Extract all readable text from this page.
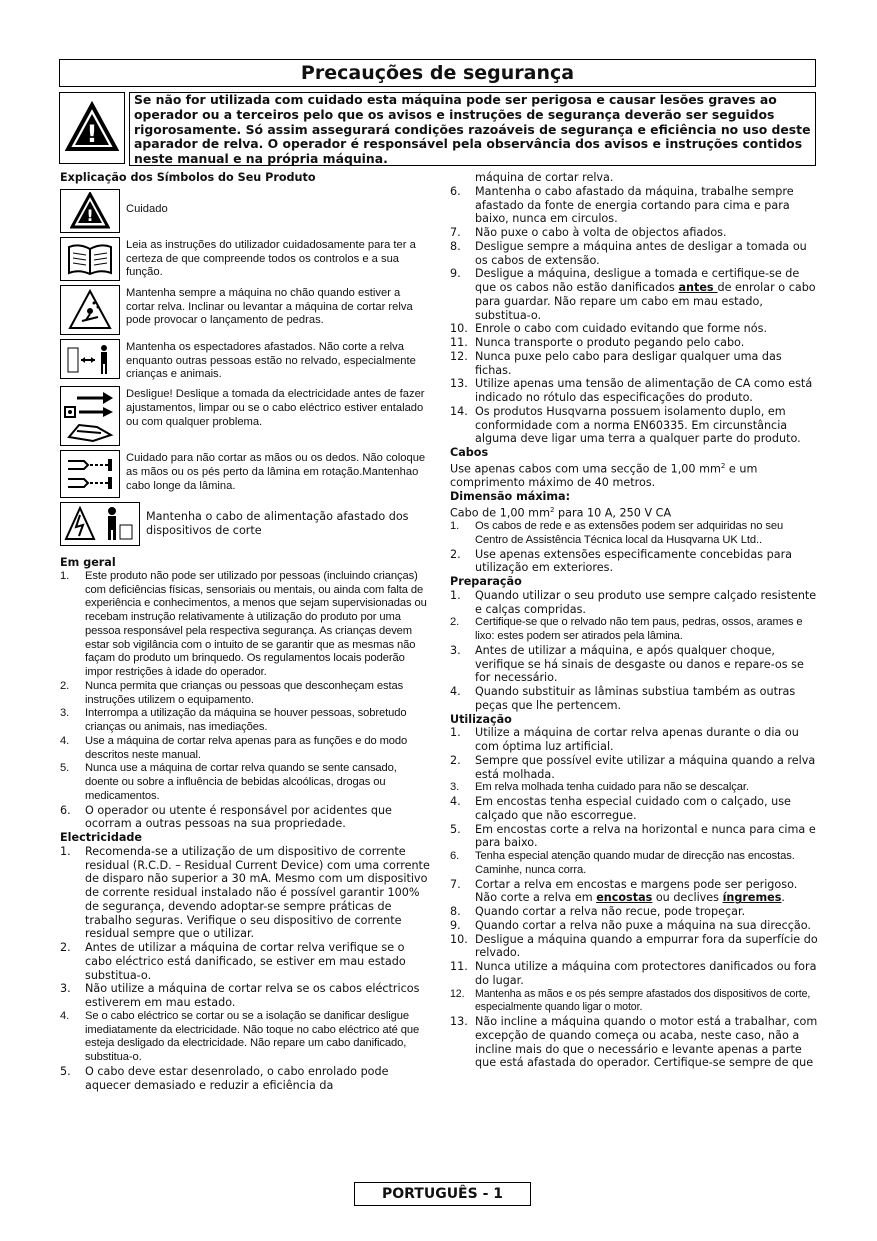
Precauções de segurança
!
Se não for utilizada com cuidado esta máquina pode ser perigosa e causar lesões graves ao operador ou a terceiros pelo que os avisos e instruções de segurança deverão ser seguidos rigorosamente. Só assim assegurará condições razoáveis de segurança e eficiência no uso deste aparador de relva. O operador é responsável pela observância dos avisos e instruções contidos neste manual e na própria máquina.
Explicação dos Símbolos do Seu Produto
!	Cuidado
Leia as instruções do utilizador cuidadosamente para ter a certeza de que compreende todos os controlos e a sua função.
Mantenha sempre a máquina no chão quando estiver a cortar relva. Inclinar ou levantar a máquina de cortar relva pode provocar o lançamento de pedras.
Mantenha os espectadores afastados. Não corte a relva enquanto outras pessoas estão no relvado, especialmente crianças e animais.
Desligue! Deslique a tomada da electricidade antes de fazer ajustamentos, limpar ou se o cabo eléctrico estiver entalado ou com qualquer problema.
Cuidado para não cortar as mãos ou os dedos. Não coloque as mãos ou os pés perto da lâmina em rotação.Mantenhao cabo longe da lâmina.
Mantenha o cabo de alimentação afastado dos dispositivos de corte
Em geral
1. Este produto não pode ser utilizado por pessoas (incluindo crianças) com deficiências físicas, sensoriais ou mentais, ou ainda com falta de experiência e conhecimentos, a menos que sejam supervisionadas ou recebam instrução relativamente à utilização do produto por uma pessoa responsável pela respectiva segurança. As crianças devem estar sob vigilância com o intuito de se garantir que as mesmas não façam do produto um brinquedo. Os regulamentos locais poderão impor restrições à idade do operador.
2. Nunca permita que crianças ou pessoas que desconheçam estas instruções utilizem o equipamento.
3. Interrompa a utilização da máquina se houver pessoas, sobretudo crianças ou animais, nas imediações.
4. Use a máquina de cortar relva apenas para as funções e do modo descritos neste manual.
5. Nunca use a máquina de cortar relva quando se sente cansado, doente ou sobre a influência de bebidas alcoólicas, drogas ou medicamentos.
6. O operador ou utente é responsável por acidentes que ocorram a outras pessoas na sua propriedade.
Electricidade
1. Recomenda-se a utilização de um dispositivo de corrente residual (R.C.D. – Residual Current Device) com uma corrente de disparo não superior a 30 mA. Mesmo com um dispositivo de corrente residual instalado não é possível garantir 100% de segurança, devendo adoptar-se sempre práticas de trabalho seguras. Verifique o seu dispositivo de corrente residual sempre que o utilizar.
2. Antes de utilizar a máquina de cortar relva verifique se o cabo eléctrico está danificado, se estiver em mau estado substitua-o.
3. Não utilize a máquina de cortar relva se os cabos eléctricos estiverem em mau estado.
4. Se o cabo eléctrico se cortar ou se a isolação se danificar desligue imediatamente da electricidade. Não toque no cabo eléctrico até que esteja desligado da electricidade. Não repare um cabo danificado, substitua-o.
5. O cabo deve estar desenrolado, o cabo enrolado pode aquecer demasiado e reduzir a eficiência da
máquina de cortar relva.
6. Mantenha o cabo afastado da máquina, trabalhe sempre afastado da fonte de energia cortando para cima e para baixo, nunca em circulos.
7. Não puxe o cabo à volta de objectos afiados.
8. Desligue sempre a máquina antes de desligar a tomada ou os cabos de extensão.
9. Desligue a máquina, desligue a tomada e certifique-se de que os cabos não estão danificados antes de enrolar o cabo para guardar. Não repare um cabo em mau estado, substitua-o.
10. Enrole o cabo com cuidado evitando que forme nós.
11. Nunca transporte o produto pegando pelo cabo.
12. Nunca puxe pelo cabo para desligar qualquer uma das fichas.
13. Utilize apenas uma tensão de alimentação de CA como está indicado no rótulo das especificações do produto.
14. Os produtos Husqvarna possuem isolamento duplo, em conformidade com a norma EN60335. Em circunstância alguma deve ligar uma terra a qualquer parte do produto.
Cabos
Use apenas cabos com uma secção de 1,00 $mm^2$ e um comprimento máximo de 40 metros.
Dimensão máxima:
Cabo de 1,00 $mm^2$ para 10 A, 250 V CA
1. Os cabos de rede e as extensões podem ser adquiridas no seu Centro de Assistência Técnica local da Husqvarna UK Ltd..
2. Use apenas extensões especificamente concebidas para utilização em exteriores.
Preparação
1. Quando utilizar o seu produto use sempre calçado resistente e calças compridas.
2. Certifique-se que o relvado não tem paus, pedras, ossos, arames e lixo: estes podem ser atirados pela lâmina.
3. Antes de utilizar a máquina, e após qualquer choque, verifique se há sinais de desgaste ou danos e repare-os se for necessário.
4. Quando substituir as lâminas substiua também as outras peças que lhe pertencem.
Utilização
1. Utilize a máquina de cortar relva apenas durante o dia ou com óptima luz artificial.
2. Sempre que possível evite utilizar a máquina quando a relva está molhada.
3. Em relva molhada tenha cuidado para não se descalçar.
4. Em encostas tenha especial cuidado com o calçado, use calçado que não escorregue.
5. Em encostas corte a relva na horizontal e nunca para cima e para baixo.
6. Tenha especial atenção quando mudar de direcção nas encostas. Caminhe, nunca corra.
7. Cortar a relva em encostas e margens pode ser perigoso. Não corte a relva em encostas ou declives íngremes.
8. Quando cortar a relva não recue, pode tropeçar.
9. Quando cortar a relva não puxe a máquina na sua direcção.
10. Desligue a máquina quando a empurrar fora da superfície do relvado.
11. Nunca utilize a máquina com protectores danificados ou fora do lugar.
12. Mantenha as mãos e os pés sempre afastados dos dispositivos de corte, especialmente quando ligar o motor.
13. Não incline a máquina quando o motor está a trabalhar, com excepção de quando começa ou acaba, neste caso, não a incline mais do que o necessário e levante apenas a parte que está afastada do operador. Certifique-se sempre de que
PORTUGUÊS - 1
